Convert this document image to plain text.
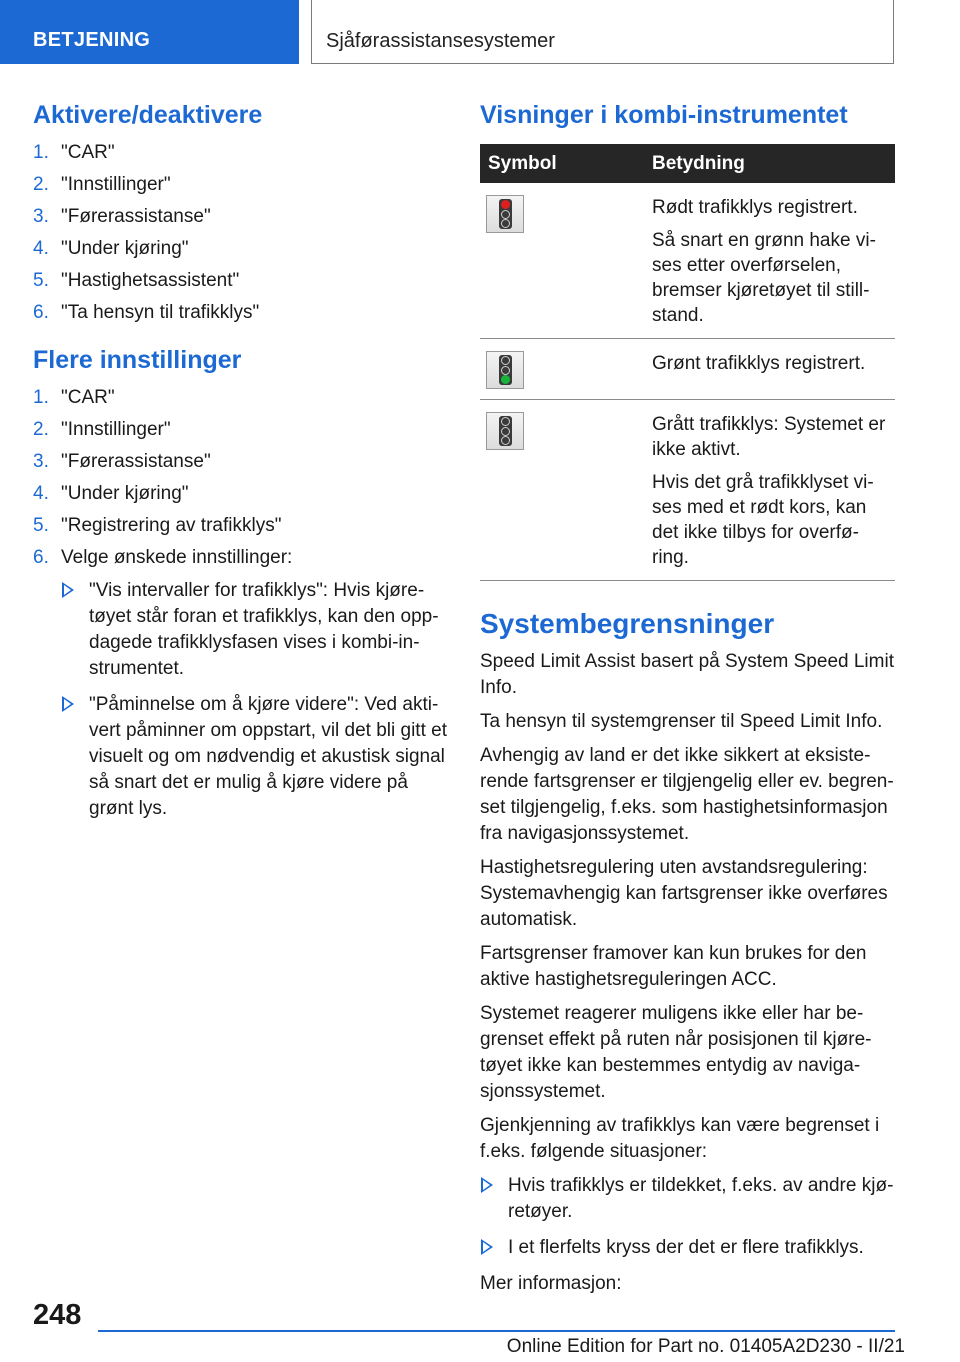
BETJENING	Sjåførassistansesystemer
Aktivere/deaktivere
1. "CAR"
2. "Innstillinger"
3. "Førerassistanse"
4. "Under kjøring"
5. "Hastighetsassistent"
6. "Ta hensyn til trafikklys"
Flere innstillinger
1. "CAR"
2. "Innstillinger"
3. "Førerassistanse"
4. "Under kjøring"
5. "Registrering av trafikklys"
6. Velge ønskede innstillinger:
"Vis intervaller for trafikklys": Hvis kjøretøyet står foran et trafikklys, kan den oppdagede trafikklysfasen vises i kombi-instrumentet.
"Påminnelse om å kjøre videre": Ved aktivert påminner om oppstart, vil det bli gitt et visuelt og om nødvendig et akustisk signal så snart det er mulig å kjøre videre på grønt lys.
Visninger i kombi-instrumentet
Symbol	Betydning

	Rødt trafikklys registrert.

Så snart en grønn hake vises etter overførselen, bremser kjøretøyet til stillstand.

	Grønt trafikklys registrert.

	Grått trafikklys: Systemet er ikke aktivt.

Hvis det grå trafikklyset vises med et rødt kors, kan det ikke tilbys for overføring.

Systembegrensninger

Speed Limit Assist basert på System Speed Limit Info.

Ta hensyn til systemgrenser til Speed Limit Info.

Avhengig av land er det ikke sikkert at eksisterende fartsgrenser er tilgjengelig eller ev. begrenset tilgjengelig, f.eks. som hastighetsinformasjon fra navigasjonssystemet.

Hastighetsregulering uten avstandsregulering: Systemavhengig kan fartsgrenser ikke overføres automatisk.

Fartsgrenser framover kan kun brukes for den aktive hastighetsreguleringen ACC.

Systemet reagerer muligens ikke eller har begrenset effekt på ruten når posisjonen til kjøretøyet ikke kan bestemmes entydig av navigasjonssystemet.

Gjenkjenning av trafikklys kan være begrenset i f.eks. følgende situasjoner:

Hvis trafikklys er tildekket, f.eks. av andre kjøretøyer.
I et flerfelts kryss der det er flere trafikklys.

Mer informasjon:

248
Online Edition for Part no. 01405A2D230 - II/21
